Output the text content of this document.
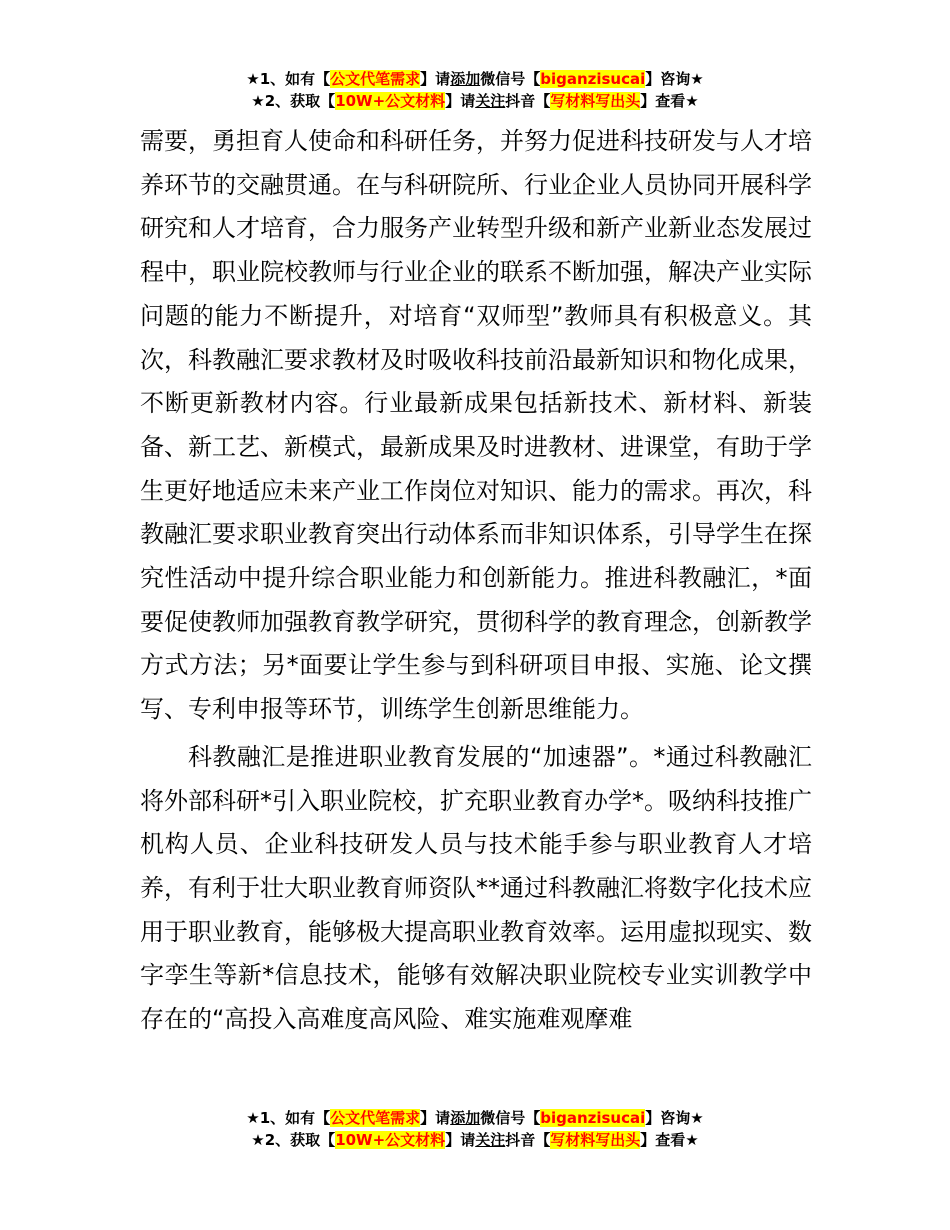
★1、如有【公文代笔需求】请添加微信号【biganzisucai】咨询★
★2、获取【10W+公文材料】请关注抖音【写材料写出头】查看★

需要，勇担育人使命和科研任务，并努力促进科技研发与人才培养环节的交融贯通。在与科研院所、行业企业人员协同开展科学研究和人才培育，合力服务产业转型升级和新产业新业态发展过程中，职业院校教师与行业企业的联系不断加强，解决产业实际问题的能力不断提升，对培育“双师型”教师具有积极意义。其次，科教融汇要求教材及时吸收科技前沿最新知识和物化成果，不断更新教材内容。行业最新成果包括新技术、新材料、新装备、新工艺、新模式，最新成果及时进教材、进课堂，有助于学生更好地适应未来产业工作岗位对知识、能力的需求。再次，科教融汇要求职业教育突出行动体系而非知识体系，引导学生在探究性活动中提升综合职业能力和创新能力。推进科教融汇，*面要促使教师加强教育教学研究，贯彻科学的教育理念，创新教学方式方法；另*面要让学生参与到科研项目申报、实施、论文撰写、专利申报等环节，训练学生创新思维能力。

科教融汇是推进职业教育发展的“加速器”。*通过科教融汇将外部科研*引入职业院校，扩充职业教育办学*。吸纳科技推广机构人员、企业科技研发人员与技术能手参与职业教育人才培养，有利于壮大职业教育师资队**通过科教融汇将数字化技术应用于职业教育，能够极大提高职业教育效率。运用虚拟现实、数字孪生等新*信息技术，能够有效解决职业院校专业实训教学中存在的“高投入高难度高风险、难实施难观摩难

★1、如有【公文代笔需求】请添加微信号【biganzisucai】咨询★
★2、获取【10W+公文材料】请关注抖音【写材料写出头】查看★
